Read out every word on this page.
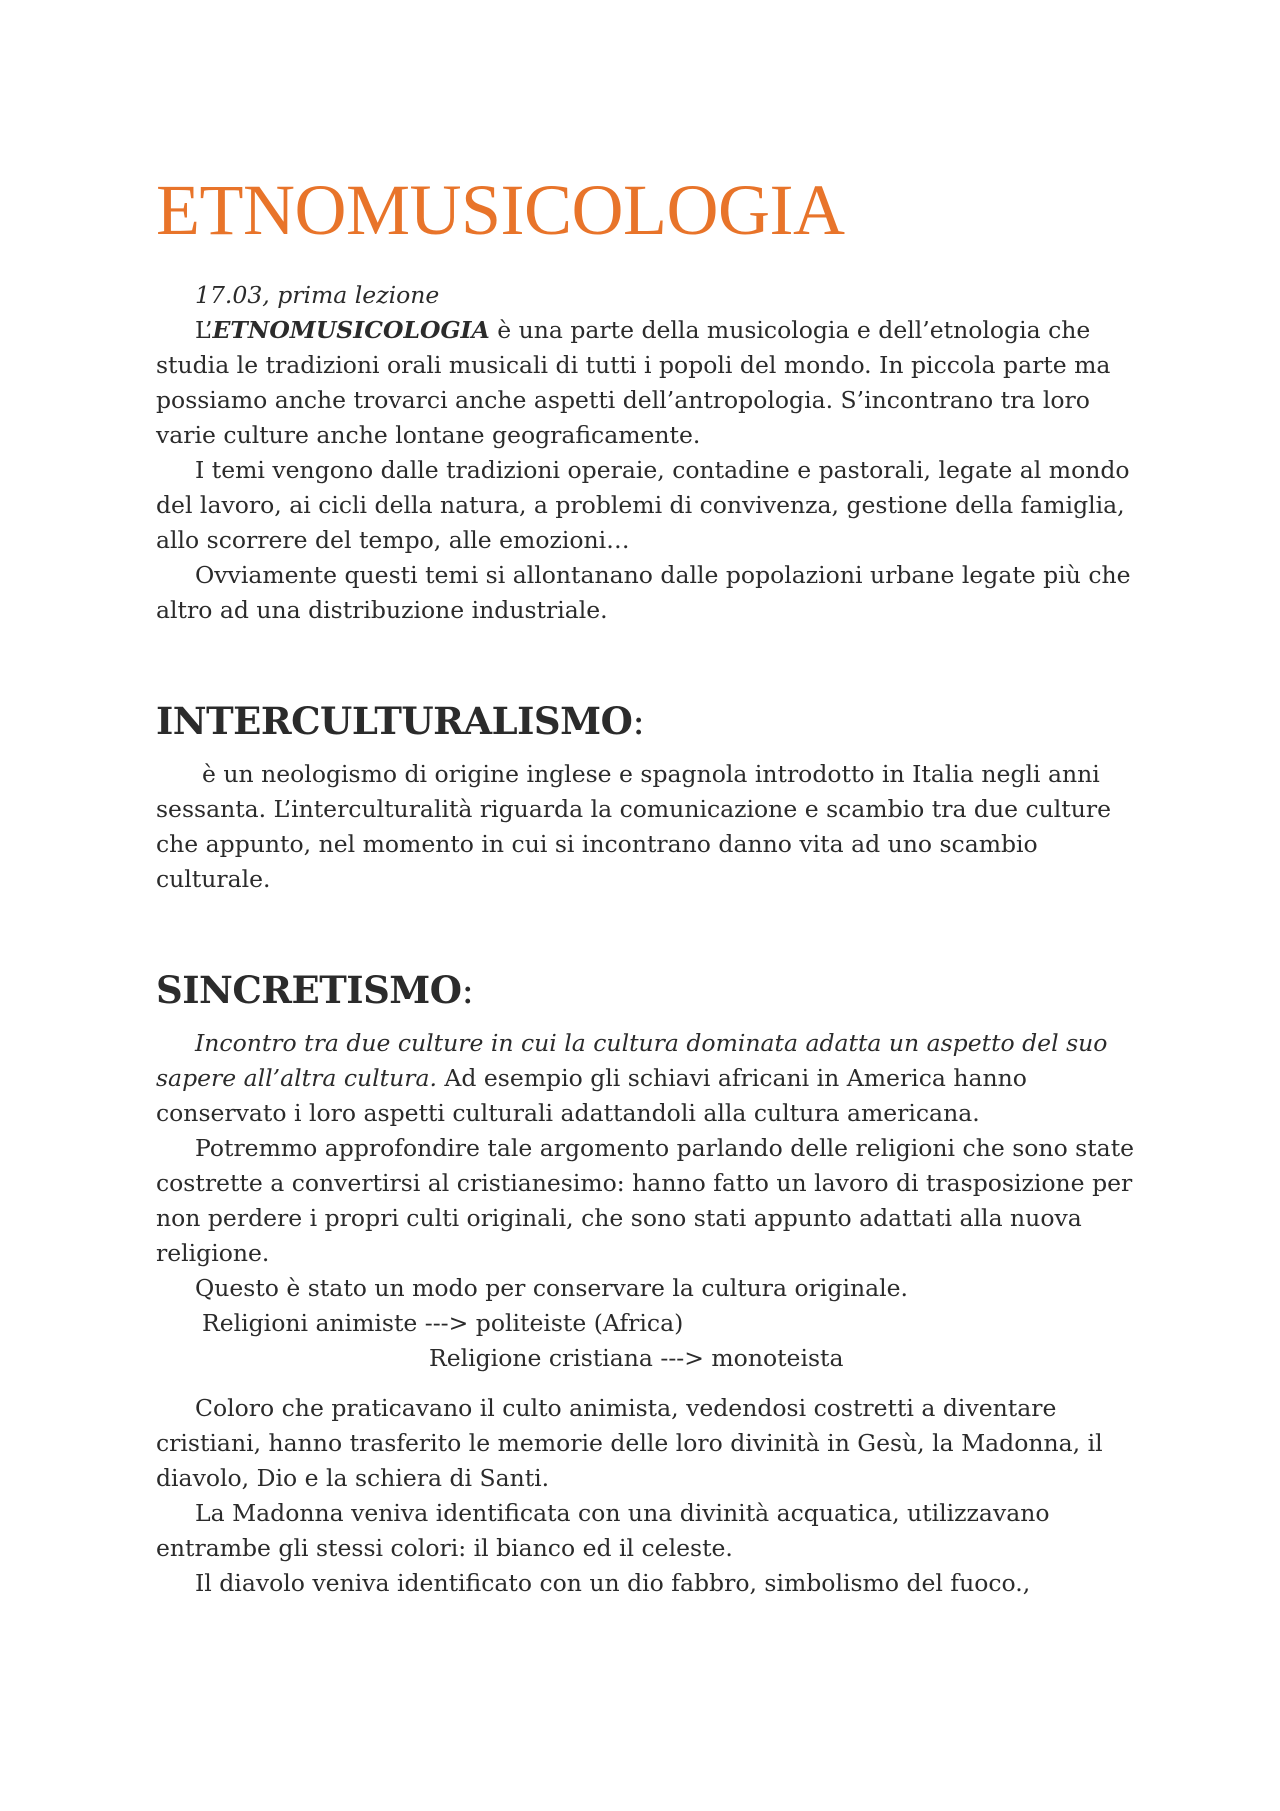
ETNOMUSICOLOGIA

17.03, prima lezione

L’ETNOMUSICOLOGIA è una parte della musicologia e dell’etnologia che studia le tradizioni orali musicali di tutti i popoli del mondo. In piccola parte ma possiamo anche trovarci anche aspetti dell’antropologia. S’incontrano tra loro varie culture anche lontane geograficamente.

I temi vengono dalle tradizioni operaie, contadine e pastorali, legate al mondo del lavoro, ai cicli della natura, a problemi di convivenza, gestione della famiglia, allo scorrere del tempo, alle emozioni…

Ovviamente questi temi si allontanano dalle popolazioni urbane legate più che altro ad una distribuzione industriale.

INTERCULTURALISMO:

è un neologismo di origine inglese e spagnola introdotto in Italia negli anni sessanta. L’interculturalità riguarda la comunicazione e scambio tra due culture che appunto, nel momento in cui si incontrano danno vita ad uno scambio culturale.

SINCRETISMO:

Incontro tra due culture in cui la cultura dominata adatta un aspetto del suo sapere all’altra cultura. Ad esempio gli schiavi africani in America hanno conservato i loro aspetti culturali adattandoli alla cultura americana.

Potremmo approfondire tale argomento parlando delle religioni che sono state costrette a convertirsi al cristianesimo: hanno fatto un lavoro di trasposizione per non perdere i propri culti originali, che sono stati appunto adattati alla nuova religione.

Questo è stato un modo per conservare la cultura originale.

Religioni animiste ---> politeiste (Africa)

Religione cristiana ---> monoteista

Coloro che praticavano il culto animista, vedendosi costretti a diventare cristiani, hanno trasferito le memorie delle loro divinità in Gesù, la Madonna, il diavolo, Dio e la schiera di Santi.

La Madonna veniva identificata con una divinità acquatica, utilizzavano entrambe gli stessi colori: il bianco ed il celeste.

Il diavolo veniva identificato con un dio fabbro, simbolismo del fuoco.,
